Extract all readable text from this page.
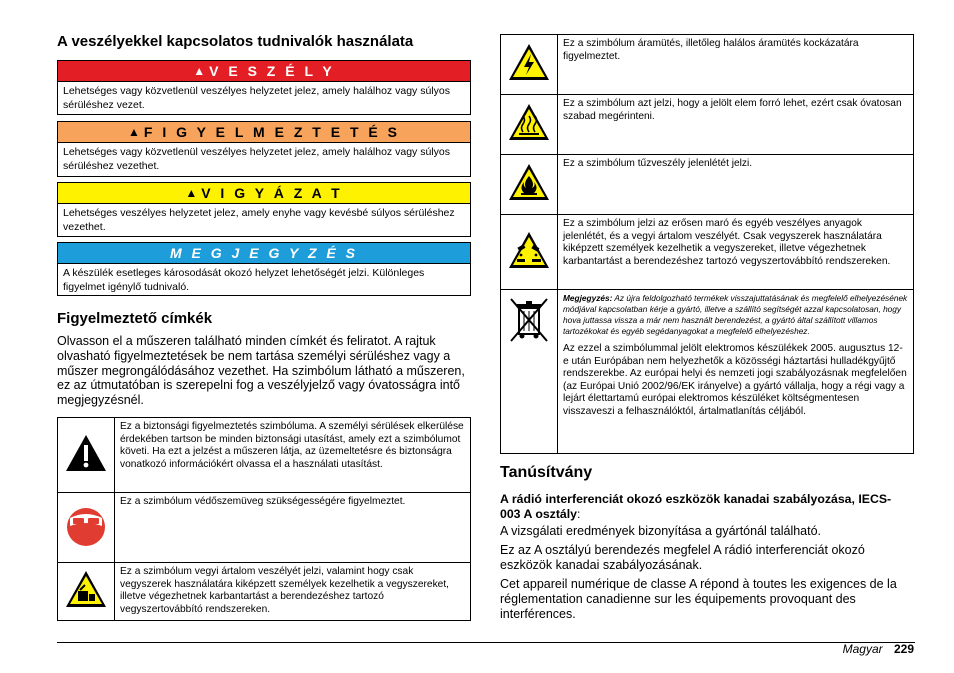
A veszélyekkel kapcsolatos tudnivalók használata
▲ V E S Z É L Y
Lehetséges vagy közvetlenül veszélyes helyzetet jelez, amely halálhoz vagy súlyos sérüléshez vezet.
▲ F I G Y E L M E Z T E T É S
Lehetséges vagy közvetlenül veszélyes helyzetet jelez, amely halálhoz vagy súlyos sérüléshez vezethet.
▲ V I G Y Á Z A T
Lehetséges veszélyes helyzetet jelez, amely enyhe vagy kevésbé súlyos sérüléshez vezethet.
M E G J E G Y Z É S
A készülék esetleges károsodását okozó helyzet lehetőségét jelzi. Különleges figyelmet igénylő tudnivaló.
Figyelmeztető címkék

Olvasson el a műszeren található minden címkét és feliratot. A rajtuk olvasható figyelmeztetések be nem tartása személyi sérüléshez vagy a műszer megrongálódásához vezethet. Ha szimbólum látható a műszeren, ez az útmutatóban is szerepelni fog a veszélyjelző vagy óvatosságra intő megjegyzésnél.

	Ez a biztonsági figyelmeztetés szimbóluma. A személyi sérülések elkerülése érdekében tartson be minden biztonsági utasítást, amely ezt a szimbólumot követi. Ha ezt a jelzést a műszeren látja, az üzemeltetésre és biztonságra vonatkozó információkért olvassa el a használati utasítást.
	Ez a szimbólum védőszemüveg szükségességére figyelmeztet.
	Ez a szimbólum vegyi ártalom veszélyét jelzi, valamint hogy csak vegyszerek használatára kiképzett személyek kezelhetik a vegyszereket, illetve végezhetnek karbantartást a berendezéshez tartozó vegyszertovábbító rendszereken.
	Ez a szimbólum áramütés, illetőleg halálos áramütés kockázatára figyelmeztet.
	Ez a szimbólum azt jelzi, hogy a jelölt elem forró lehet, ezért csak óvatosan szabad megérinteni.
	Ez a szimbólum tűzveszély jelenlétét jelzi.
	Ez a szimbólum jelzi az erősen maró és egyéb veszélyes anyagok jelenlétét, és a vegyi ártalom veszélyét. Csak vegyszerek használatára kiképzett személyek kezelhetik a vegyszereket, illetve végezhetnek karbantartást a berendezéshez tartozó vegyszertovábbító rendszereken.

Megjegyzés: Az újra feldolgozható termékek visszajuttatásának és megfelelő elhelyezésének módjával kapcsolatban kérje a gyártó, illetve a szállító segítségét azzal kapcsolatosan, hogy hova juttassa vissza a már nem használt berendezést, a gyártó által szállított villamos tartozékokat és egyéb segédanyagokat a megfelelő elhelyezéshez.

Az ezzel a szimbólummal jelölt elektromos készülékek 2005. augusztus 12-e után Európában nem helyezhetők a közösségi háztartási hulladékgyűjtő rendszerekbe. Az európai helyi és nemzeti jogi szabályozásnak megfelelően (az Európai Unió 2002/96/EK irányelve) a gyártó vállalja, hogy a régi vagy a lejárt élettartamú európai elektromos készüléket költségmentesen visszaveszi a felhasználóktól, ártalmatlanítás céljából.

Tanúsítvány

A rádió interferenciát okozó eszközök kanadai szabályozása, IECS-003 A osztály:

A vizsgálati eredmények bizonyítása a gyártónál található.

Ez az A osztályú berendezés megfelel A rádió interferenciát okozó eszközök kanadai szabályozásának.

Cet appareil numérique de classe A répond à toutes les exigences de la réglementation canadienne sur les équipements provoquant des interférences.

Magyar 229
